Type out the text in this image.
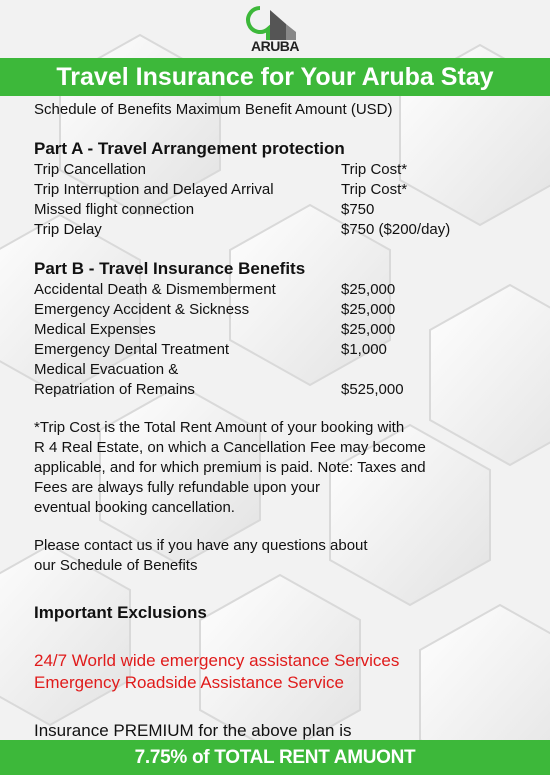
ARUBA
Travel Insurance for Your Aruba Stay
Schedule of Benefits Maximum Benefit Amount (USD)
Part A - Travel Arrangement protection
Trip Cancellation	Trip Cost*
Trip Interruption and Delayed Arrival	Trip Cost*
Missed flight connection	$750
Trip Delay	$750 ($200/day)
Part B - Travel Insurance Benefits
Accidental Death & Dismemberment	$25,000
Emergency Accident & Sickness	$25,000
Medical Expenses	$25,000
Emergency Dental Treatment	$1,000
Medical Evacuation &
Repatriation of Remains	$525,000
*Trip Cost is the Total Rent Amount of your booking with
R 4 Real Estate, on which a Cancellation Fee may become
applicable, and for which premium is paid. Note: Taxes and
Fees are always fully refundable upon your
eventual booking cancellation.
Please contact us if you have any questions about
our Schedule of Benefits
Important Exclusions
24/7 World wide emergency assistance Services
Emergency Roadside Assistance Service
Insurance PREMIUM for the above plan is
7.75% of TOTAL RENT AMUONT
